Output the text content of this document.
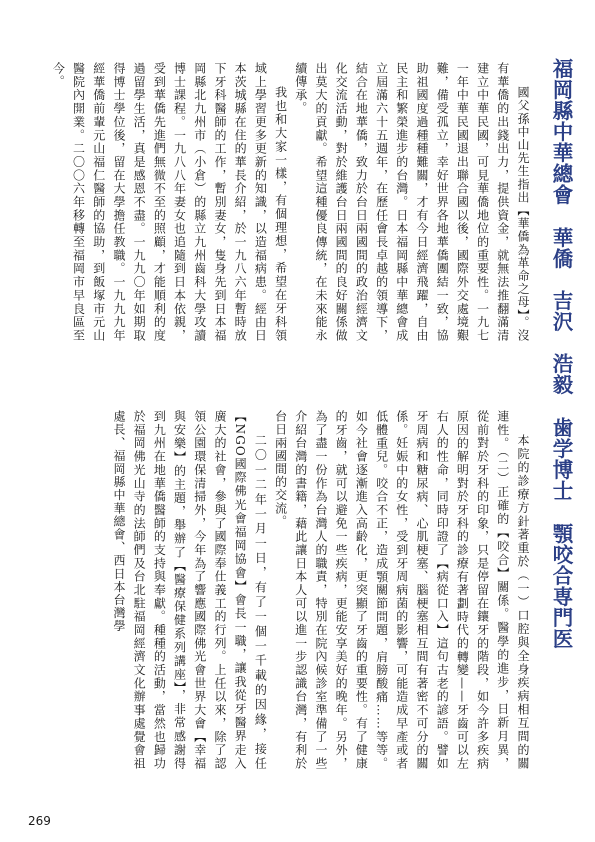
福岡縣中華總會 華僑 吉沢　浩毅 歯学博士 顎咬合専門医

國父孫中山先生指出【華僑為革命之母】。沒有華僑的出錢出力，提供資金，就無法推翻滿清建立中華民國，可見華僑地位的重要性。一九七一年中華民國退出聯合國以後，國際外交處境艱難，備受孤立，幸好世界各地華僑團結一致，協助祖國度過種種難關，才有今日經濟飛躍，自由民主和繁榮進步的台灣。日本福岡縣中華總會成立屆滿六十五週年，在歷任會長卓越的領導下，結合在地華僑，致力於台日兩國間的政治經濟文化交流活動，對於維護台日兩國間的良好關係做出莫大的貢獻。希望這種優良傳統，在未來能永續傳承。

我也和大家一樣，有個理想，希望在牙科領域上學習更多更新的知識，以造福病患。經由日本茨城縣在住的華長介紹，於一九八六年暫時放下牙科醫師的工作，暫別妻女，隻身先到日本福岡縣北九州市（小倉）的縣立九州齒科大學攻讀博士課程。一九八八年妻女也追隨到日本依親，受到華僑先進們無微不至的照顧，才能順利的度過留學生活，真是感恩不盡。一九九〇年如期取得博士學位後，留在大學擔任教職。一九九九年經華僑前輩元山福仁醫師的協助，到飯塚市元山醫院內開業。二〇〇六年移轉至福岡市早良區至今。

本院的診療方針著重於（一）口腔與全身疾病相互間的關連性。（二）正確的【咬合】關係。醫學的進步，日新月異，從前對於牙科的印象，只是停留在鑲牙的階段，如今許多疾病原因的解明對於牙科的診療有著劃時代的轉變——牙齒可以左右人的性命，同時印證了【病從口入】這句古老的諺語。譬如牙周病和糖尿病、心肌梗塞、腦梗塞相互間有著密不可分的關係。妊娠中的女性，受到牙周病菌的影響，可能造成早產或者低體重兒。咬合不正，造成顎關節問題，肩膀酸痛……等等。如今社會逐漸進入高齡化，更突顯了牙齒的重要性。有了健康的牙齒，就可以避免一些疾病，更能安享美好的晚年。另外，為了盡一份作為台灣人的職責，特別在院內候診室準備了一些介紹台灣的書籍，藉此讓日本人可以進一步認識台灣，有利於台日兩國間的交流。

二〇一二年一月一日，有了一個一千載的因緣，接任【NGO國際佛光會福岡協會】會長一職，讓我從牙醫界走入廣大的社會，參與了國際奉仕義工的行列。上任以來，除了認領公園環保清掃外，今年為了響應國際佛光會世界大會【幸福與安樂】的主題，舉辦了【醫療保健系列講座】，非常感謝得到九州在地華僑醫師的支持與奉獻。種種的活動，當然也歸功於福岡佛光山寺的法師們及台北駐福岡經濟文化辦事處覺會祖處長、福岡縣中華總會、西日本台灣學

269
